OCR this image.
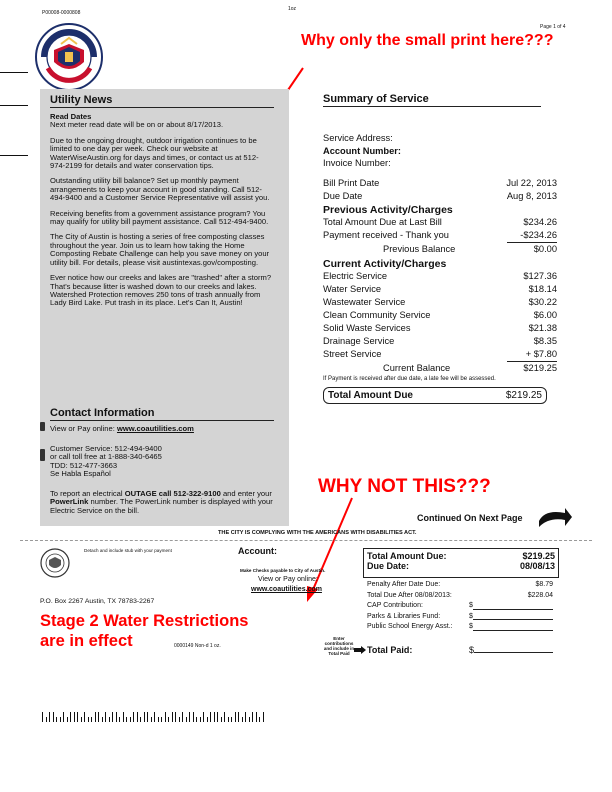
P00008-0000808
1oz
Page 1 of 4
Why only the small print here???
WHY NOT THIS???
Stage 2 Water Restrictions
are in effect
Utility News
Read Dates

Next meter read date will be on or about 8/17/2013.

Due to the ongoing drought, outdoor irrigation continues to be limited to one day per week. Check our website at WaterWiseAustin.org for days and times, or contact us at 512-974-2199 for details and water conservation tips.

Outstanding utility bill balance? Set up monthly payment arrangements to keep your account in good standing. Call 512-494-9400 and a Customer Service Representative will assist you.

Receiving benefits from a government assistance program? You may qualify for utility bill payment assistance. Call 512-494-9400.

The City of Austin is hosting a series of free composting classes throughout the year. Join us to learn how taking the Home Composting Rebate Challenge can help you save money on your utility bill. For details, please visit austintexas.gov/composting.

Ever notice how our creeks and lakes are "trashed" after a storm? That's because litter is washed down to our creeks and lakes. Watershed Protection removes 250 tons of trash annually from Lady Bird Lake. Put trash in its place. Let's Can It, Austin!

Contact Information
View or Pay online: www.coautilities.com
Customer Service: 512-494-9400
or call toll free at 1-888-340-6465
TDD: 512-477-3663
Se Habla Español
To report an electrical OUTAGE call 512-322-9100 and enter your PowerLink number. The PowerLink number is displayed with your Electric Service on the bill.
Summary of Service
Service Address:
Account Number:
Invoice Number:
Bill Print Date	Jul 22, 2013
Due Date	Aug 8, 2013
Previous Activity/Charges
Total Amount Due at Last Bill	$234.26
Payment received - Thank you	-$234.26
Previous Balance	$0.00
Current Activity/Charges
Electric Service	$127.36
Water Service	$18.14
Wastewater Service	$30.22
Clean Community Service	$6.00
Solid Waste Services	$21.38
Drainage Service	$8.35
Street Service	+ $7.80
Current Balance	$219.25
If Payment is received after due date, a late fee will be assessed.
Total Amount Due	$219.25
Continued On Next Page
THE CITY IS COMPLYING WITH THE AMERICANS WITH DISABILITIES ACT.
Detach and include stub with your payment	Account:
Make Checks payable to City of Austin.
View or Pay online:
www.coautilities.com
P.O. Box 2267 Austin, TX 78783-2267
0000149 Non-d 1 oz.
Enter contributions and include in Total Paid
Total Amount Due:	$219.25
Due Date:	08/08/13
Penalty After Date Due:	$8.79
Total Due After 08/08/2013:	$228.04
CAP Contribution:	$
Parks & Libraries Fund:	$
Public School Energy Asst.:	$
Total Paid:	$
